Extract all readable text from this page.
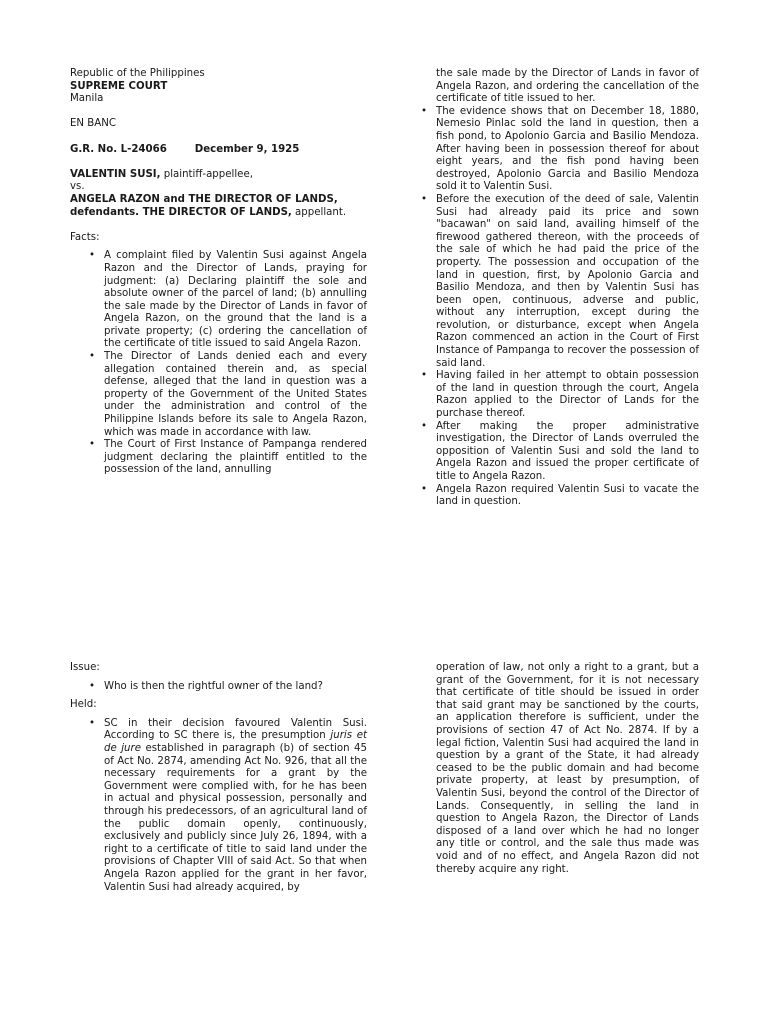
Republic of the Philippines

SUPREME COURT

Manila

EN BANC

G.R. No. L-24066	December 9, 1925

VALENTIN SUSI, plaintiff-appellee,

vs.

ANGELA RAZON and THE DIRECTOR OF LANDS, defendants. THE DIRECTOR OF LANDS, appellant.

Facts:

• A complaint filed by Valentin Susi against Angela Razon and the Director of Lands, praying for judgment: (a) Declaring plaintiff the sole and absolute owner of the parcel of land; (b) annulling the sale made by the Director of Lands in favor of Angela Razon, on the ground that the land is a private property; (c) ordering the cancellation of the certificate of title issued to said Angela Razon.
• The Director of Lands denied each and every allegation contained therein and, as special defense, alleged that the land in question was a property of the Government of the United States under the administration and control of the Philippine Islands before its sale to Angela Razon, which was made in accordance with law.
• The Court of First Instance of Pampanga rendered judgment declaring the plaintiff entitled to the possession of the land, annulling

the sale made by the Director of Lands in favor of Angela Razon, and ordering the cancellation of the certificate of title issued to her.

• The evidence shows that on December 18, 1880, Nemesio Pinlac sold the land in question, then a fish pond, to Apolonio Garcia and Basilio Mendoza. After having been in possession thereof for about eight years, and the fish pond having been destroyed, Apolonio Garcia and Basilio Mendoza sold it to Valentin Susi.
• Before the execution of the deed of sale, Valentin Susi had already paid its price and sown "bacawan" on said land, availing himself of the firewood gathered thereon, with the proceeds of the sale of which he had paid the price of the property. The possession and occupation of the land in question, first, by Apolonio Garcia and Basilio Mendoza, and then by Valentin Susi has been open, continuous, adverse and public, without any interruption, except during the revolution, or disturbance, except when Angela Razon commenced an action in the Court of First Instance of Pampanga to recover the possession of said land.
• Having failed in her attempt to obtain possession of the land in question through the court, Angela Razon applied to the Director of Lands for the purchase thereof.
• After making the proper administrative investigation, the Director of Lands overruled the opposition of Valentin Susi and sold the land to Angela Razon and issued the proper certificate of title to Angela Razon.
• Angela Razon required Valentin Susi to vacate the land in question.

Issue:

• Who is then the rightful owner of the land?

Held:

• SC in their decision favoured Valentin Susi. According to SC there is, the presumption juris et de jure established in paragraph (b) of section 45 of Act No. 2874, amending Act No. 926, that all the necessary requirements for a grant by the Government were complied with, for he has been in actual and physical possession, personally and through his predecessors, of an agricultural land of the public domain openly, continuously, exclusively and publicly since July 26, 1894, with a right to a certificate of title to said land under the provisions of Chapter VIII of said Act. So that when Angela Razon applied for the grant in her favor, Valentin Susi had already acquired, by

operation of law, not only a right to a grant, but a grant of the Government, for it is not necessary that certificate of title should be issued in order that said grant may be sanctioned by the courts, an application therefore is sufficient, under the provisions of section 47 of Act No. 2874. If by a legal fiction, Valentin Susi had acquired the land in question by a grant of the State, it had already ceased to be the public domain and had become private property, at least by presumption, of Valentin Susi, beyond the control of the Director of Lands. Consequently, in selling the land in question to Angela Razon, the Director of Lands disposed of a land over which he had no longer any title or control, and the sale thus made was void and of no effect, and Angela Razon did not thereby acquire any right.
